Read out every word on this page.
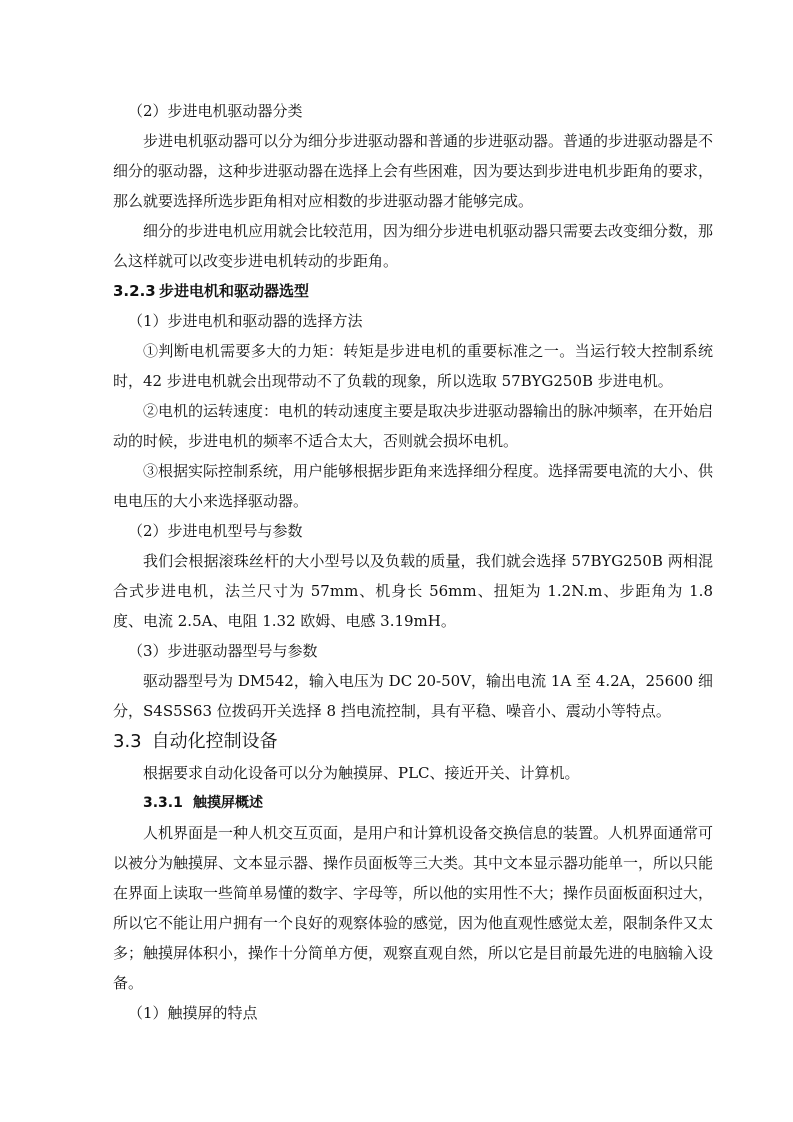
（2）步进电机驱动器分类

步进电机驱动器可以分为细分步进驱动器和普通的步进驱动器。普通的步进驱动器是不细分的驱动器，这种步进驱动器在选择上会有些困难，因为要达到步进电机步距角的要求，那么就要选择所选步距角相对应相数的步进驱动器才能够完成。

细分的步进电机应用就会比较范用，因为细分步进电机驱动器只需要去改变细分数，那么这样就可以改变步进电机转动的步距角。

3.2.3 步进电机和驱动器选型

（1）步进电机和驱动器的选择方法

①判断电机需要多大的力矩：转矩是步进电机的重要标准之一。当运行较大控制系统时，42 步进电机就会出现带动不了负载的现象，所以选取 57BYG250B 步进电机。

②电机的运转速度：电机的转动速度主要是取决步进驱动器输出的脉冲频率，在开始启动的时候，步进电机的频率不适合太大，否则就会损坏电机。

③根据实际控制系统，用户能够根据步距角来选择细分程度。选择需要电流的大小、供电电压的大小来选择驱动器。

（2）步进电机型号与参数

我们会根据滚珠丝杆的大小型号以及负载的质量，我们就会选择 57BYG250B 两相混合式步进电机，法兰尺寸为 57mm、机身长 56mm、扭矩为 1.2N.m、步距角为 1.8 度、电流 2.5A、电阻 1.32 欧姆、电感 3.19mH。

（3）步进驱动器型号与参数

驱动器型号为 DM542，输入电压为 DC 20-50V，输出电流 1A 至 4.2A，25600 细分，S4S5S63 位拨码开关选择 8 挡电流控制，具有平稳、噪音小、震动小等特点。

3.3 自动化控制设备

根据要求自动化设备可以分为触摸屏、PLC、接近开关、计算机。

3.3.1 触摸屏概述

人机界面是一种人机交互页面，是用户和计算机设备交换信息的装置。人机界面通常可以被分为触摸屏、文本显示器、操作员面板等三大类。其中文本显示器功能单一，所以只能在界面上读取一些简单易懂的数字、字母等，所以他的实用性不大；操作员面板面积过大，所以它不能让用户拥有一个良好的观察体验的感觉，因为他直观性感觉太差，限制条件又太多；触摸屏体积小，操作十分简单方便，观察直观自然，所以它是目前最先进的电脑输入设备。

（1）触摸屏的特点
